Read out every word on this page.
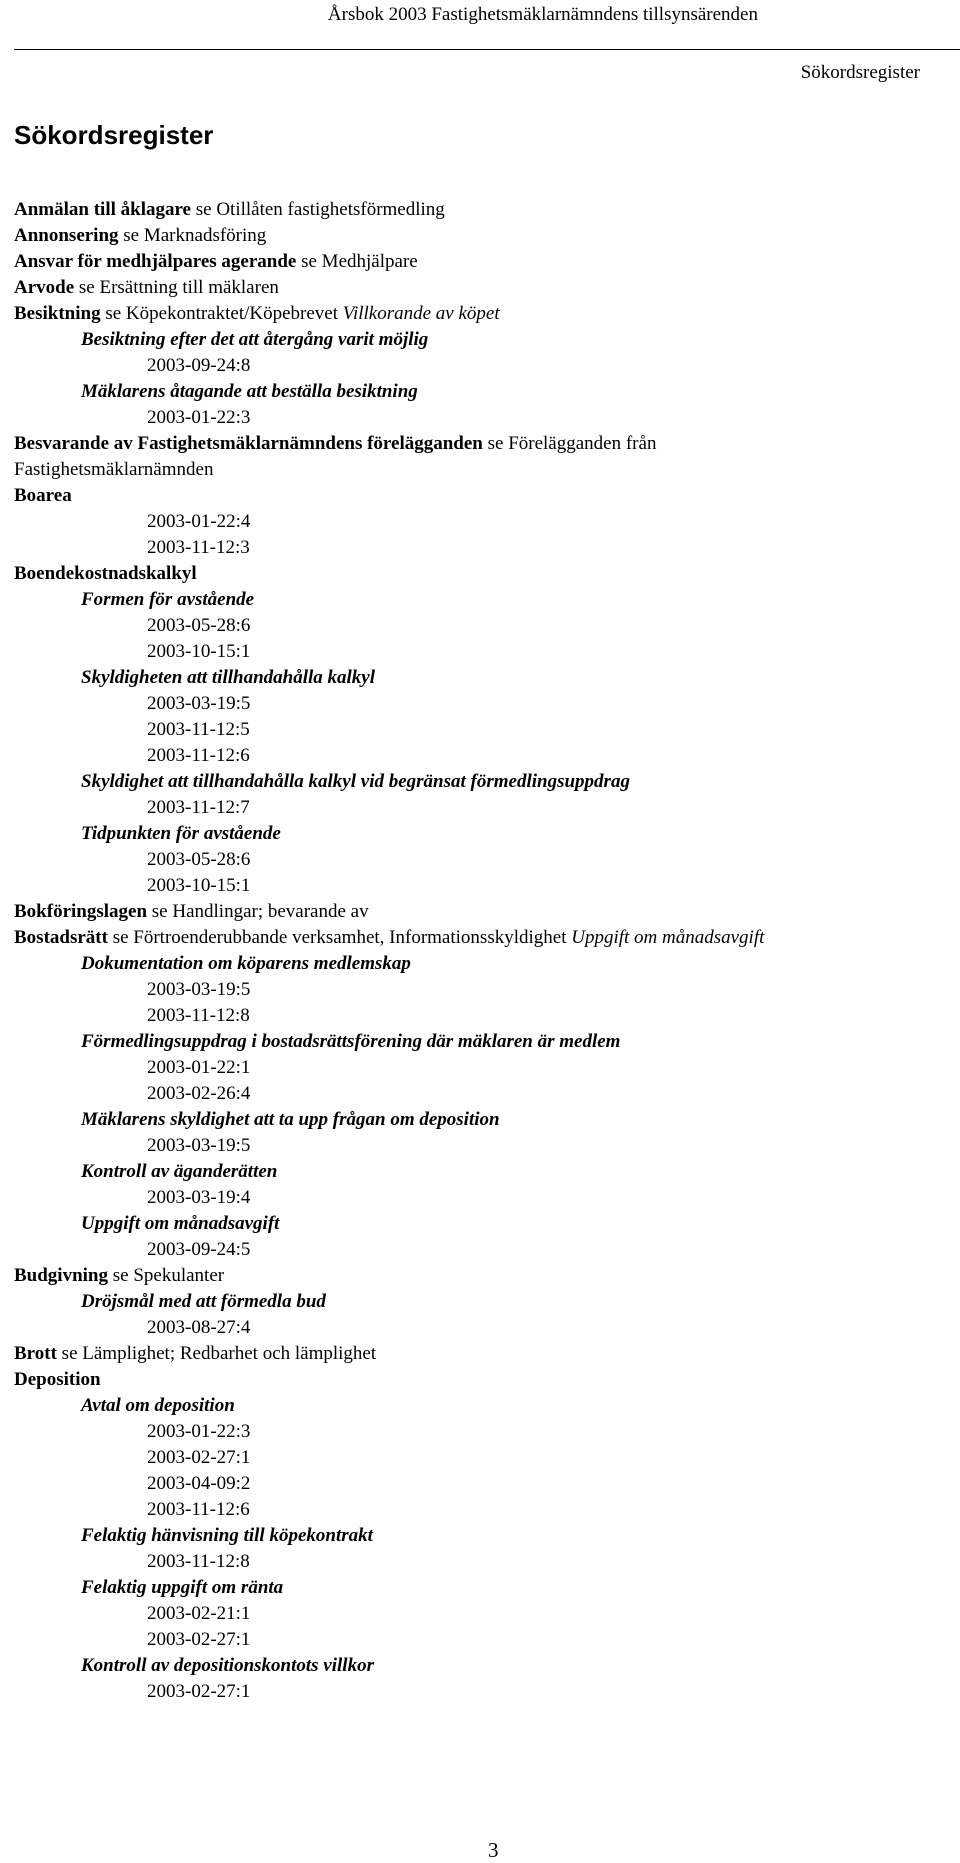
Årsbok 2003 Fastighetsmäklarnämndens tillsynsärenden
Sökordsregister
Sökordsregister
Anmälan till åklagare se Otillåten fastighetsförmedling
Annonsering se Marknadsföring
Ansvar för medhjälpares agerande se Medhjälpare
Arvode se Ersättning till mäklaren
Besiktning se Köpekontraktet/Köpebrevet Villkorande av köpet
Besiktning efter det att återgång varit möjlig
2003-09-24:8
Mäklarens åtagande att beställa besiktning
2003-01-22:3
Besvarande av Fastighetsmäklarnämndens förelägganden se Förelägganden från
Fastighetsmäklarnämnden
Boarea
2003-01-22:4
2003-11-12:3
Boendekostnadskalkyl
Formen för avstående
2003-05-28:6
2003-10-15:1
Skyldigheten att tillhandahålla kalkyl
2003-03-19:5
2003-11-12:5
2003-11-12:6
Skyldighet att tillhandahålla kalkyl vid begränsat förmedlingsuppdrag
2003-11-12:7
Tidpunkten för avstående
2003-05-28:6
2003-10-15:1
Bokföringslagen se Handlingar; bevarande av
Bostadsrätt se Förtroenderubbande verksamhet, Informationsskyldighet Uppgift om månadsavgift
Dokumentation om köparens medlemskap
2003-03-19:5
2003-11-12:8
Förmedlingsuppdrag i bostadsrättsförening där mäklaren är medlem
2003-01-22:1
2003-02-26:4
Mäklarens skyldighet att ta upp frågan om deposition
2003-03-19:5
Kontroll av äganderätten
2003-03-19:4
Uppgift om månadsavgift
2003-09-24:5
Budgivning se Spekulanter
Dröjsmål med att förmedla bud
2003-08-27:4
Brott se Lämplighet; Redbarhet och lämplighet
Deposition
Avtal om deposition
2003-01-22:3
2003-02-27:1
2003-04-09:2
2003-11-12:6
Felaktig hänvisning till köpekontrakt
2003-11-12:8
Felaktig uppgift om ränta
2003-02-21:1
2003-02-27:1
Kontroll av depositionskontots villkor
2003-02-27:1
3
